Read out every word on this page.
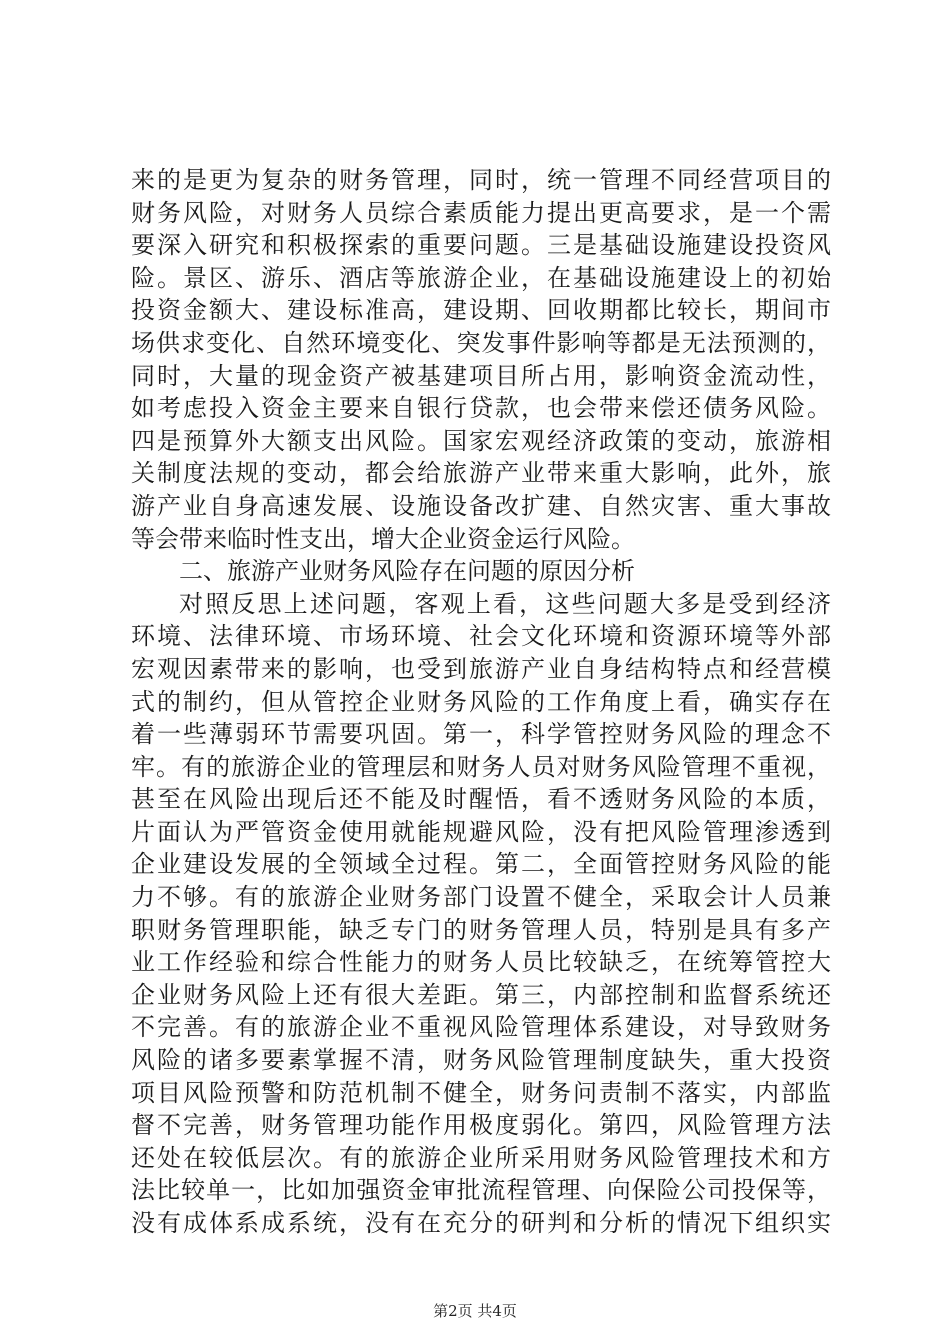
来的是更为复杂的财务管理，同时，统一管理不同经营项目的
财务风险，对财务人员综合素质能力提出更高要求，是一个需
要深入研究和积极探索的重要问题。三是基础设施建设投资风
险。景区、游乐、酒店等旅游企业，在基础设施建设上的初始
投资金额大、建设标准高，建设期、回收期都比较长，期间市
场供求变化、自然环境变化、突发事件影响等都是无法预测的，
同时，大量的现金资产被基建项目所占用，影响资金流动性，
如考虑投入资金主要来自银行贷款，也会带来偿还债务风险。
四是预算外大额支出风险。国家宏观经济政策的变动，旅游相
关制度法规的变动，都会给旅游产业带来重大影响，此外，旅
游产业自身高速发展、设施设备改扩建、自然灾害、重大事故
等会带来临时性支出，增大企业资金运行风险。
二、旅游产业财务风险存在问题的原因分析
对照反思上述问题，客观上看，这些问题大多是受到经济
环境、法律环境、市场环境、社会文化环境和资源环境等外部
宏观因素带来的影响，也受到旅游产业自身结构特点和经营模
式的制约，但从管控企业财务风险的工作角度上看，确实存在
着一些薄弱环节需要巩固。第一，科学管控财务风险的理念不
牢。有的旅游企业的管理层和财务人员对财务风险管理不重视，
甚至在风险出现后还不能及时醒悟，看不透财务风险的本质，
片面认为严管资金使用就能规避风险，没有把风险管理渗透到
企业建设发展的全领域全过程。第二，全面管控财务风险的能
力不够。有的旅游企业财务部门设置不健全，采取会计人员兼
职财务管理职能，缺乏专门的财务管理人员，特别是具有多产
业工作经验和综合性能力的财务人员比较缺乏，在统筹管控大
企业财务风险上还有很大差距。第三，内部控制和监督系统还
不完善。有的旅游企业不重视风险管理体系建设，对导致财务
风险的诸多要素掌握不清，财务风险管理制度缺失，重大投资
项目风险预警和防范机制不健全，财务问责制不落实，内部监
督不完善，财务管理功能作用极度弱化。第四，风险管理方法
还处在较低层次。有的旅游企业所采用财务风险管理技术和方
法比较单一，比如加强资金审批流程管理、向保险公司投保等，
没有成体系成系统，没有在充分的研判和分析的情况下组织实
第2页 共4页
